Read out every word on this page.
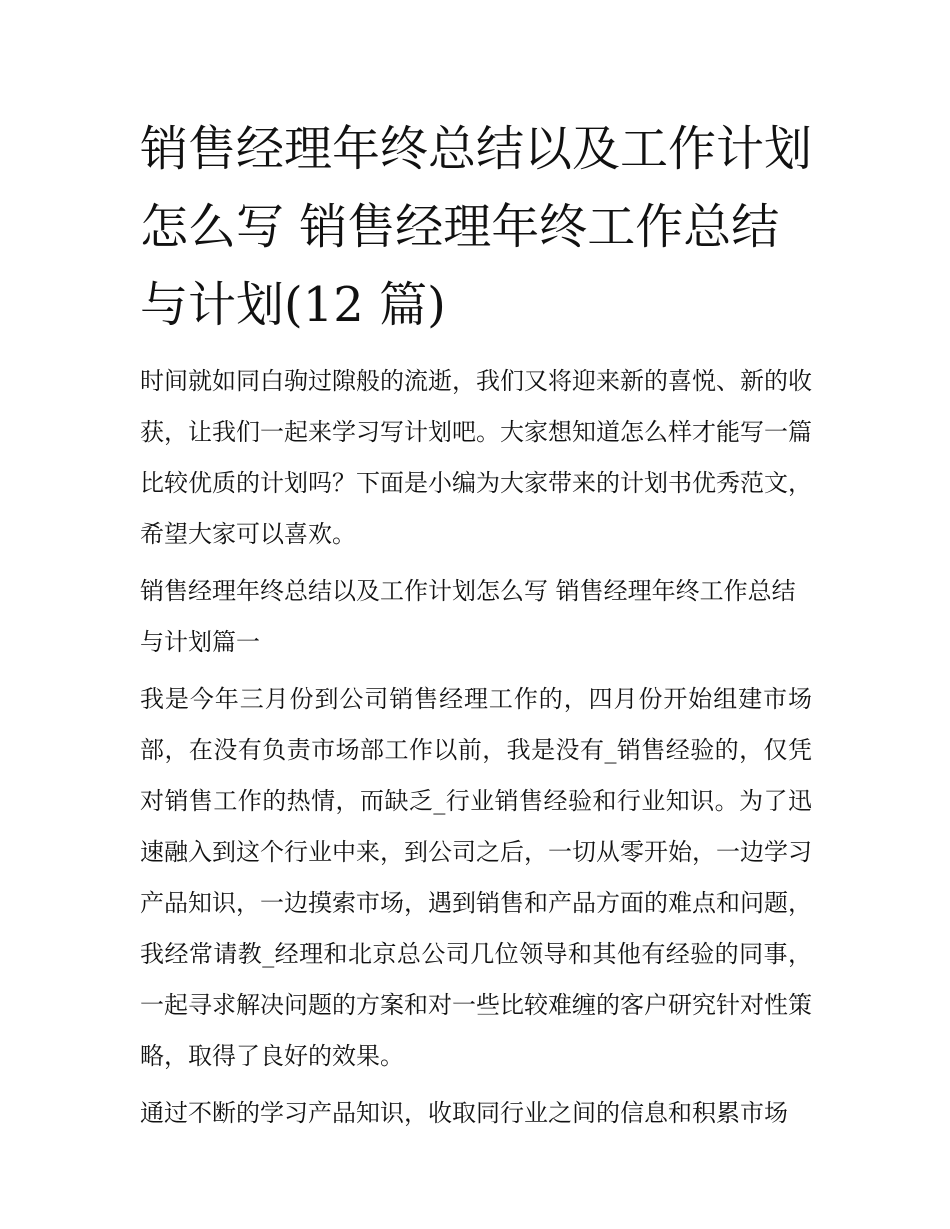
销售经理年终总结以及工作计划怎么写 销售经理年终工作总结与计划(12 篇)

时间就如同白驹过隙般的流逝，我们又将迎来新的喜悦、新的收获，让我们一起来学习写计划吧。大家想知道怎么样才能写一篇比较优质的计划吗？下面是小编为大家带来的计划书优秀范文，希望大家可以喜欢。

销售经理年终总结以及工作计划怎么写 销售经理年终工作总结与计划篇一

我是今年三月份到公司销售经理工作的，四月份开始组建市场部，在没有负责市场部工作以前，我是没有_销售经验的，仅凭对销售工作的热情，而缺乏_行业销售经验和行业知识。为了迅速融入到这个行业中来，到公司之后，一切从零开始，一边学习产品知识，一边摸索市场，遇到销售和产品方面的难点和问题，我经常请教_经理和北京总公司几位领导和其他有经验的同事，一起寻求解决问题的方案和对一些比较难缠的客户研究针对性策略，取得了良好的效果。

通过不断的学习产品知识，收取同行业之间的信息和积累市场
